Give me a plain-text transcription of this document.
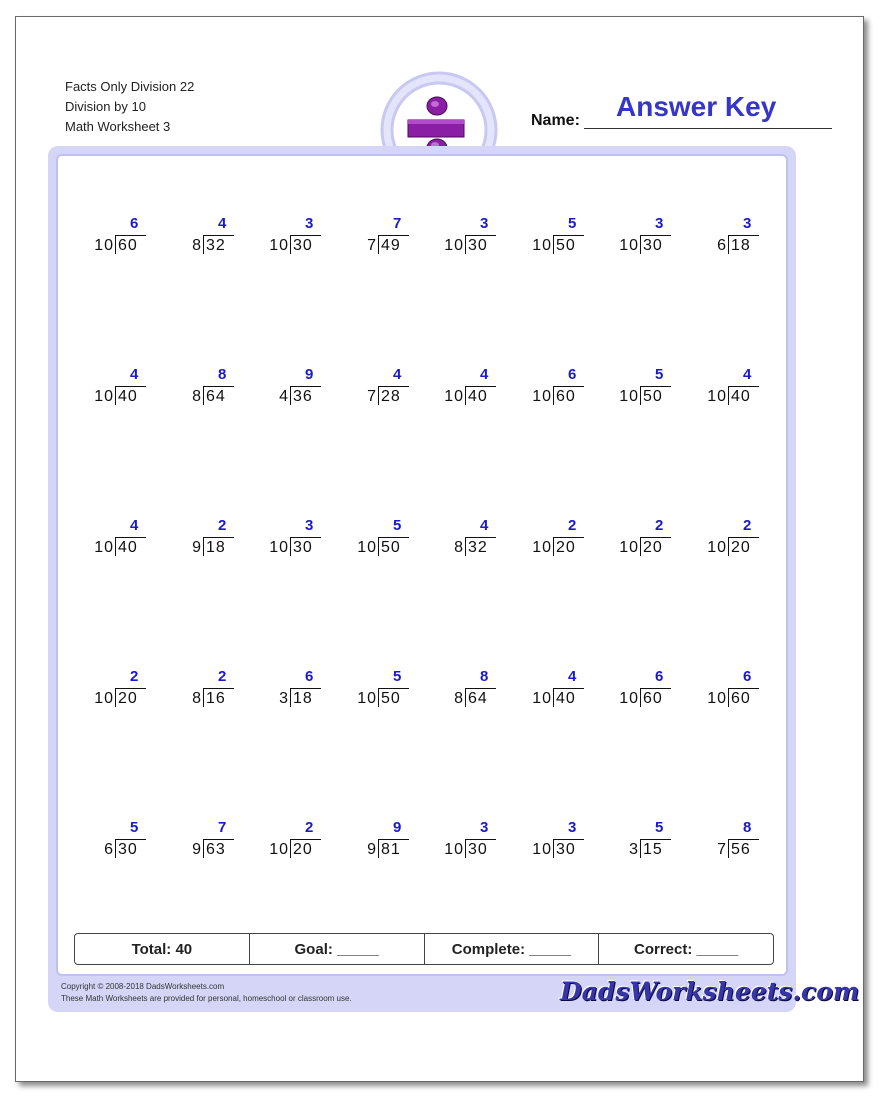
Facts Only Division 22
Division by 10
Math Worksheet 3
Answer Key
Name:
6
10 60
4
8 32
3
10 30
7
7 49
3
10 30
5
10 50
3
10 30
3
6 18
4
10 40
8
8 64
9
4 36
4
7 28
4
10 40
6
10 60
5
10 50
4
10 40
4
10 40
2
9 18
3
10 30
5
10 50
4
8 32
2
10 20
2
10 20
2
10 20
2
10 20
2
8 16
6
3 18
5
10 50
8
8 64
4
10 40
6
10 60
6
10 60
5
6 30
7
9 63
2
10 20
9
9 81
3
10 30
3
10 30
5
3 15
8
7 56
Total: 40	Goal: _____	Complete: _____	Correct: _____
Copyright © 2008-2018 DadsWorksheets.com
These Math Worksheets are provided for personal, homeschool or classroom use.	DadsWorksheets.com
